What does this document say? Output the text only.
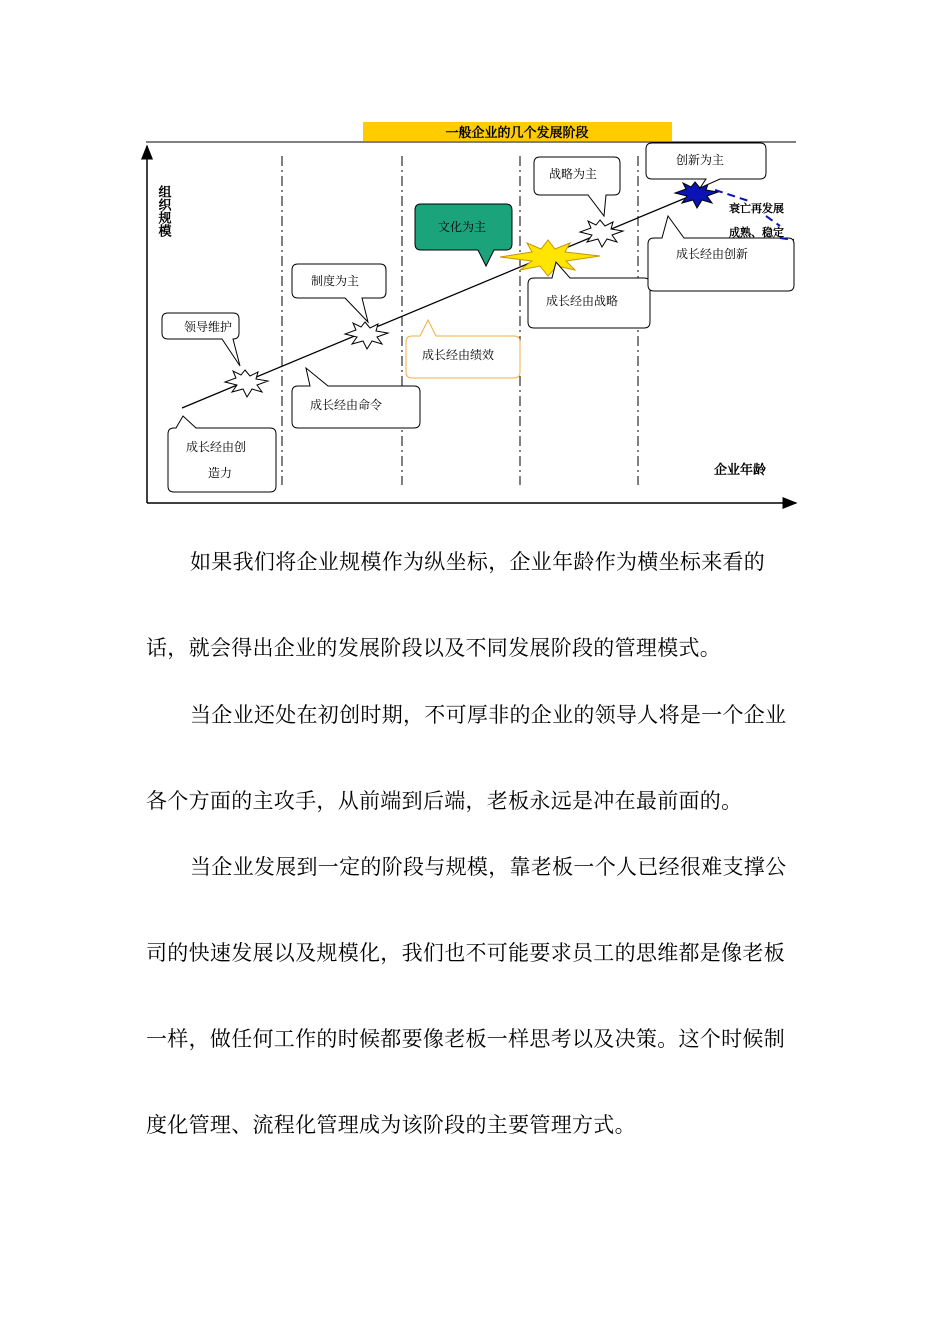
一般企业的几个发展阶段
组织规模
企业年龄
领导维护
成长经由创
造力
制度为主
成长经由命令
文化为主
成长经由绩效
战略为主
成长经由战略
创新为主
成长经由创新
衰亡再发展
成熟、稳定

如果我们将企业规模作为纵坐标，企业年龄作为横坐标来看的话，就会得出企业的发展阶段以及不同发展阶段的管理模式。

当企业还处在初创时期，不可厚非的企业的领导人将是一个企业各个方面的主攻手，从前端到后端，老板永远是冲在最前面的。

当企业发展到一定的阶段与规模，靠老板一个人已经很难支撑公司的快速发展以及规模化，我们也不可能要求员工的思维都是像老板一样，做任何工作的时候都要像老板一样思考以及决策。这个时候制度化管理、流程化管理成为该阶段的主要管理方式。
